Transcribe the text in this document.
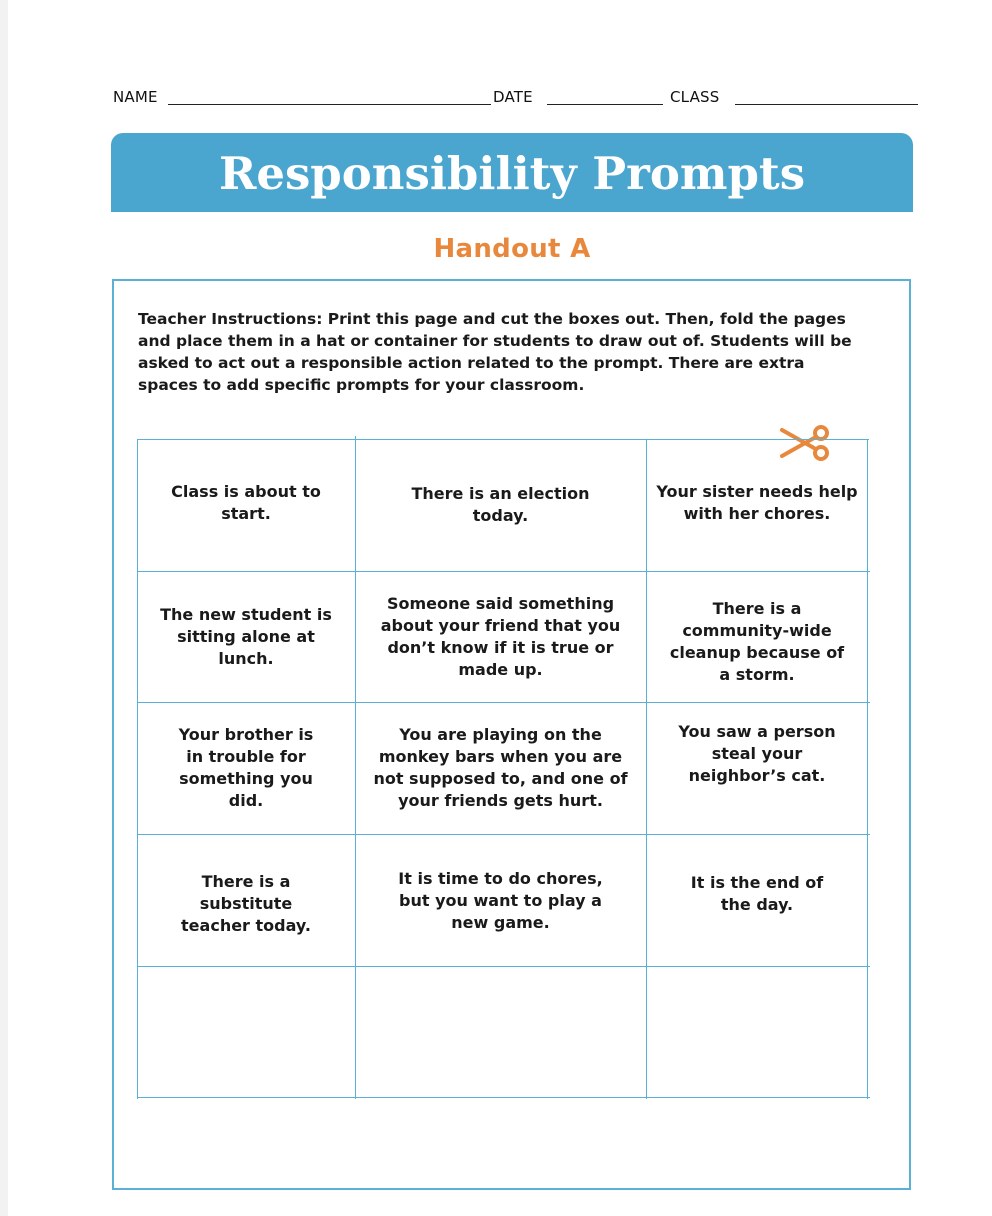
NAME	DATE	CLASS
Responsibility Prompts
Handout A
Teacher Instructions: Print this page and cut the boxes out. Then, fold the pages and place them in a hat or container for students to draw out of. Students will be asked to act out a responsible action related to the prompt. There are extra spaces to add specific prompts for your classroom.
Class is about to start.
There is an election today.
Your sister needs help with her chores.
The new student is sitting alone at lunch.
Someone said something about your friend that you don’t know if it is true or made up.
There is a community-wide cleanup because of a storm.
Your brother is in trouble for something you did.
You are playing on the monkey bars when you are not supposed to, and one of your friends gets hurt.
You saw a person steal your neighbor’s cat.
There is a substitute teacher today.
It is time to do chores, but you want to play a new game.
It is the end of the day.
